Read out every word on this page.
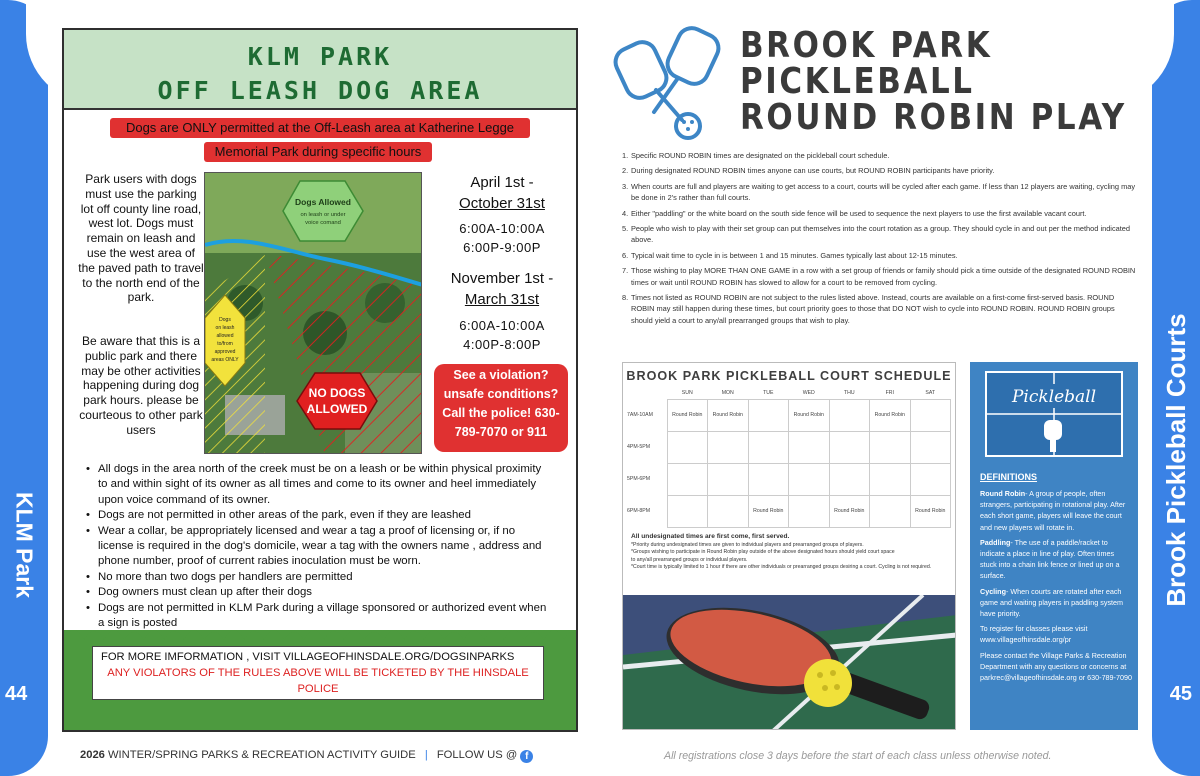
KLM Park
44
Brook Pickleball Courts
45
KLM PARK
OFF LEASH DOG AREA
Dogs are ONLY permitted at the Off-Leash area at Katherine Legge
Memorial Park during specific hours
Park users with dogs must use the parking lot off county line road, west lot. Dogs must remain on leash and use the west area of the paved path to travel to the north end of the park.
Be aware that this is a public park and there may be other activities happening during dog park hours. please be courteous to other park users
Dogs Allowed
on leash or under
voice comand
Dogs
on leash
allowed
to/from
approved
areas ONLY
NO DOGS
ALLOWED
April 1st -
October 31st
6:00A-10:00A
6:00P-9:00P
November 1st -
March 31st
6:00A-10:00A
4:00P-8:00P
See a violation?
unsafe conditions?
Call the police! 630-
789-7070 or 911
• All dogs in the area north of the creek must be on a leash or be within physical proximity to and within sight of its owner as all times and come to its owner and heel immediately upon voice command of its owner.
• Dogs are not permitted in other areas of the park, even if they are leashed
• Wear a collar, be appropriately licensed and wear a tag a proof of licensing or, if no license is required in the dog's domicile, wear a tag with the owners name , address and phone number, proof of current rabies inoculation must be worn.
• No more than two dogs per handlers are permitted
• Dog owners must clean up after their dogs
• Dogs are not permitted in KLM Park during a village sponsored or authorized event when a sign is posted
FOR MORE IMFORMATION , VISIT VILLAGEOFHINSDALE.ORG/DOGSINPARKS
ANY VIOLATORS OF THE RULES ABOVE WILL BE TICKETED BY THE HINSDALE POLICE
BROOK PARK
PICKLEBALL
ROUND ROBIN PLAY
1. Specific ROUND ROBIN times are designated on the pickleball court schedule.
2. During designated ROUND ROBIN times anyone can use courts, but ROUND ROBIN participants have priority.
3. When courts are full and players are waiting to get access to a court, courts will be cycled after each game. If less than 12 players are waiting, cycling may be done in 2's rather than full courts.
4. Either "paddling" or the white board on the south side fence will be used to sequence the next players to use the first available vacant court.
5. People who wish to play with their set group can put themselves into the court rotation as a group. They should cycle in and out per the method indicated above.
6. Typical wait time to cycle in is between 1 and 15 minutes. Games typically last about 12-15 minutes.
7. Those wishing to play MORE THAN ONE GAME in a row with a set group of friends or family should pick a time outside of the designated ROUND ROBIN times or wait until ROUND ROBIN has slowed to allow for a court to be removed from cycling.
8. Times not listed as ROUND ROBIN are not subject to the rules listed above. Instead, courts are available on a first-come first-served basis. ROUND ROBIN may still happen during these times, but court priority goes to those that DO NOT wish to cycle into ROUND ROBIN. ROUND ROBIN groups should yield a court to any/all prearranged groups that wish to play.
BROOK PARK PICKLEBALL COURT SCHEDULE
	SUN	MON	TUE	WED	THU	FRI	SAT
7AM-10AM	Round Robin	Round Robin		Round Robin		Round Robin	
4PM-5PM							
5PM-6PM							
6PM-8PM			Round Robin		Round Robin		Round Robin
All undesignated times are first come, first served.
*Priority during undesignated times are given to individual players and prearranged groups of players.
*Groups wishing to participate in Round Robin play outside of the above designated hours should yield court space
to any/all prearranged groups or individual players.
*Court time is typically limited to 1 hour if there are other individuals or prearranged groups desiring a court. Cycling is not required.
Pickleball
DEFINITIONS

Round Robin- A group of people, often strangers, participating in rotational play. After each short game, players will leave the court and new players will rotate in.

Paddling- The use of a paddle/racket to indicate a place in line of play. Often times stuck into a chain link fence or lined up on a surface.

Cycling- When courts are rotated after each game and waiting players in paddling system have priority.

To register for classes please visit www.villageofhinsdale.org/pr

Please contact the Village Parks & Recreation Department with any questions or concerns at parkrec@villageofhinsdale.org or 630-789-7090

2026 WINTER/SPRING PARKS & RECREATION ACTIVITY GUIDE | FOLLOW US @ f	All registrations close 3 days before the start of each class unless otherwise noted.
